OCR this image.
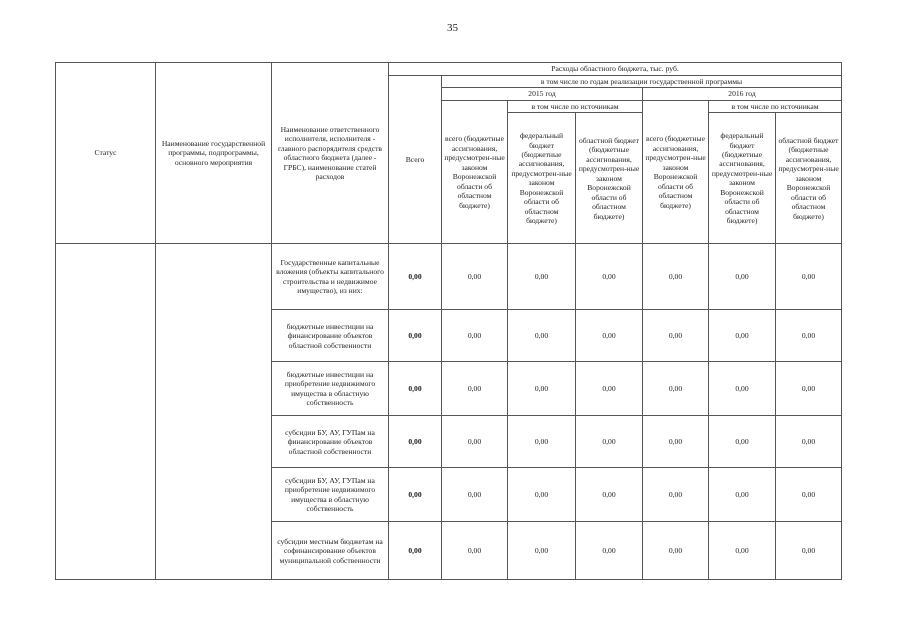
35
Статус	Наименование государственной программы, подпрограммы, основного мероприятия	Наименование ответственного исполнителя, исполнителя - главного распорядителя средств областного бюджета (далее - ГРБС), наименование статей расходов	Расходы областного бюджета, тыс. руб.						
			Всего	в том числе по годам реализации государственной программы					
				2015 год			2016 год		
				всего (бюджетные ассигнования, предусмотрен-ные законом Воронежской области об областном бюджете)	в том числе по источникам		всего (бюджетные ассигнования, предусмотрен-ные законом Воронежской области об областном бюджете)	в том числе по источникам	
					федеральный бюджет (бюджетные ассигнования, предусмотрен-ные законом Воронежской области об областном бюджете)	областной бюджет (бюджетные ассигнования, предусмотрен-ные законом Воронежской области об областном бюджете)		федеральный бюджет (бюджетные ассигнования, предусмотрен-ные законом Воронежской области об областном бюджете)	областной бюджет (бюджетные ассигнования, предусмотрен-ные законом Воронежской области об областном бюджете)
		Государственные капитальные вложения (объекты капитального строительства и недвижимое имущество), из них:	0,00	0,00	0,00	0,00	0,00	0,00	0,00
		бюджетные инвестиции на финансирование объектов областной собственности	0,00	0,00	0,00	0,00	0,00	0,00	0,00
		бюджетные инвестиции на приобретение недвижимого имущества в областную собственность	0,00	0,00	0,00	0,00	0,00	0,00	0,00
		субсидии БУ, АУ, ГУПам на финансирование объектов областной собственности	0,00	0,00	0,00	0,00	0,00	0,00	0,00
		субсидии БУ, АУ, ГУПам на приобретение недвижимого имущества в областную собственность	0,00	0,00	0,00	0,00	0,00	0,00	0,00
		субсидии местным бюджетам на софинансирование объектов муниципальной собственности	0,00	0,00	0,00	0,00	0,00	0,00	0,00
